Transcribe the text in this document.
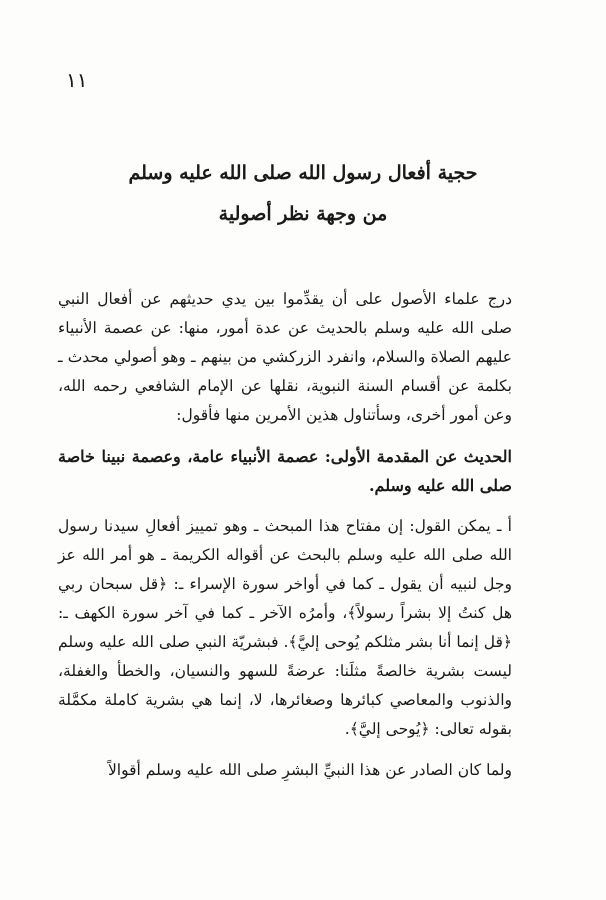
١١
حجية أفعال رسول الله صلى الله عليه وسلم
من وجهة نظر أصولية

درج علماء الأصول على أن يقدِّموا بين يدي حديثهم عن أفعال النبي صلى الله عليه وسلم بالحديث عن عدة أمور، منها: عن عصمة الأنبياء عليهم الصلاة والسلام، وانفرد الزركشي من بينهم ـ وهو أصولي محدث ـ بكلمة عن أقسام السنة النبوية، نقلها عن الإمام الشافعي رحمه الله، وعن أمور أخرى، وسأتناول هذين الأمرين منها فأقول:

الحديث عن المقدمة الأولى: عصمة الأنبياء عامة، وعصمة نبينا خاصة صلى الله عليه وسلم.

أ ـ يمكن القول: إن مفتاح هذا المبحث ـ وهو تمييز أفعالِ سيدنا رسول الله صلى الله عليه وسلم بالبحث عن أقواله الكريمة ـ هو أمر الله عز وجل لنبيه أن يقول ـ كما في أواخر سورة الإسراء ـ: ﴿قل سبحان ربي هل كنتُ إلا بشراً رسولاً﴾، وأمرُه الآخر ـ كما في آخر سورة الكهف ـ: ﴿قل إنما أنا بشر مثلكم يُوحى إليَّ﴾. فبشريّة النبي صلى الله عليه وسلم ليست بشرية خالصةً مثلَنا: عرضةً للسهو والنسيان، والخطأ والغفلة، والذنوب والمعاصي كبائرها وصغائرها، لا، إنما هي بشرية كاملة مكمَّلة بقوله تعالى: ﴿يُوحى إليَّ﴾.

ولما كان الصادر عن هذا النبيِّ البشرِ صلى الله عليه وسلم أقوالاً
